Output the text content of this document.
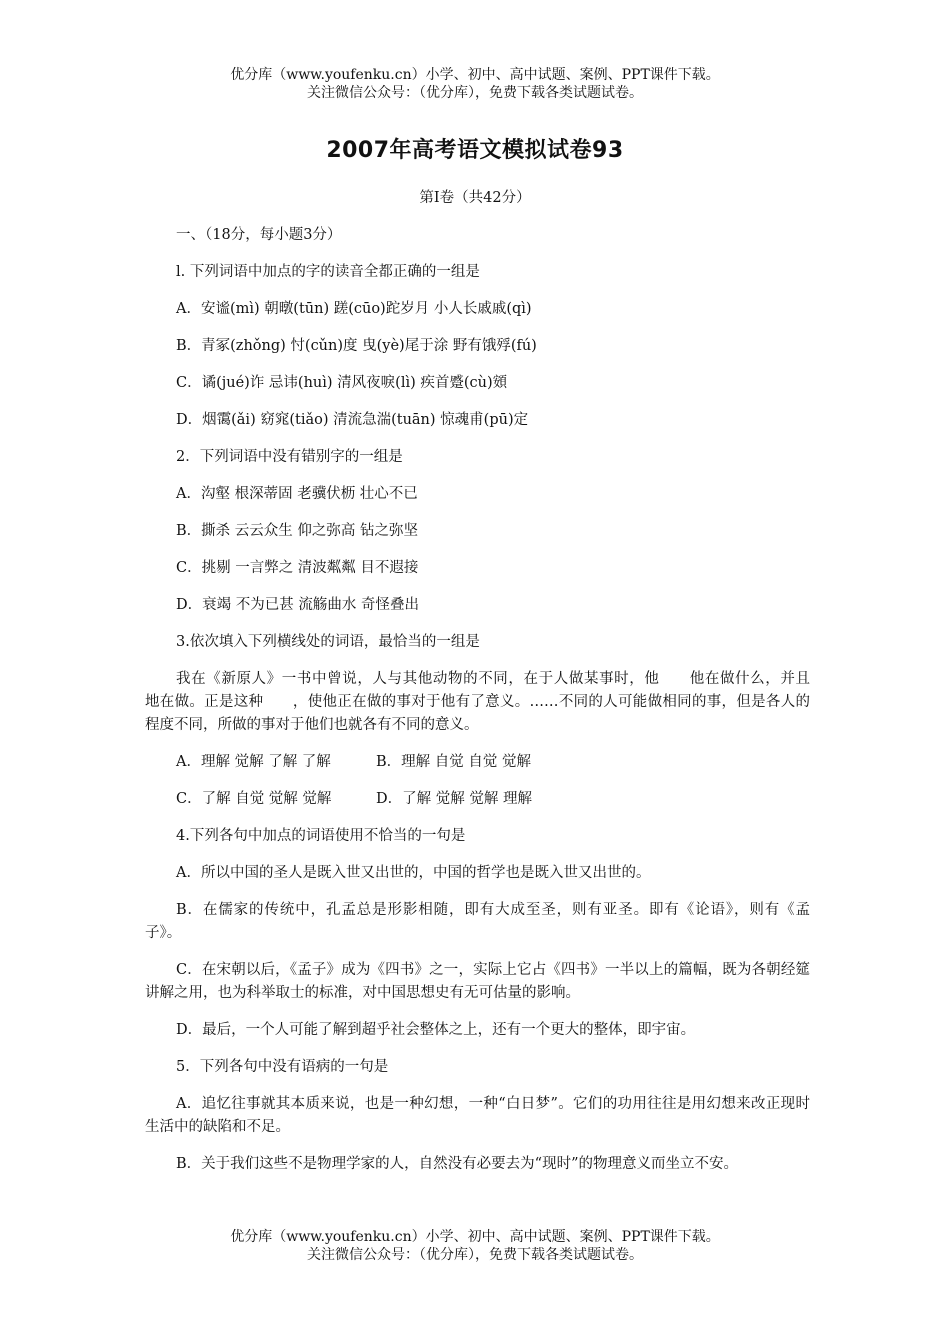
优分库（www.youfenku.cn）小学、初中、高中试题、案例、PPT课件下载。
关注微信公众号：（优分库），免费下载各类试题试卷。
2007年高考语文模拟试卷93
第I卷（共42分）

一、（18分，每小题3分）

l. 下列词语中加点的字的读音全都正确的一组是

A．安谧(mì) 朝暾(tūn) 蹉(cūo)跎岁月 小人长戚戚(qì)

B．青冢(zhǒng) 忖(cǔn)度 曳(yè)尾于涂 野有饿殍(fú)

C．谲(jué)诈 忌讳(huì) 清风夜唳(lì) 疾首蹙(cù)頞

D．烟霭(ǎi) 窈窕(tiǎo) 清流急湍(tuān) 惊魂甫(pū)定

2．下列词语中没有错别字的一组是

A．沟壑 根深蒂固 老骥伏枥 壮心不已

B．撕杀 云云众生 仰之弥高 钻之弥坚

C．挑剔 一言弊之 清波粼粼 目不遐接

D．衰竭 不为已甚 流觞曲水 奇怪叠出

3.依次填入下列横线处的词语，最恰当的一组是

我在《新原人》一书中曾说，人与其他动物的不同，在于人做某事时，他　　他在做什么，并且　　地在做。正是这种　　，使他正在做的事对于他有了意义。……不同的人可能做相同的事，但是各人的　　程度不同，所做的事对于他们也就各有不同的意义。

A．理解 觉解 了解 了解	B．理解 自觉 自觉 觉解
C．了解 自觉 觉解 觉解	D．了解 觉解 觉解 理解

4.下列各句中加点的词语使用不恰当的一句是

A．所以中国的圣人是既入世又出世的，中国的哲学也是既入世又出世的。

B．在儒家的传统中，孔孟总是形影相随，即有大成至圣，则有亚圣。即有《论语》，则有《孟子》。

C．在宋朝以后，《孟子》成为《四书》之一，实际上它占《四书》一半以上的篇幅，既为各朝经筵讲解之用，也为科举取士的标准，对中国思想史有无可估量的影响。

D．最后，一个人可能了解到超乎社会整体之上，还有一个更大的整体，即宇宙。

5．下列各句中没有语病的一句是

A．追忆往事就其本质来说，也是一种幻想，一种“白日梦”。它们的功用往往是用幻想来改正现时生活中的缺陷和不足。

B．关于我们这些不是物理学家的人，自然没有必要去为“现时”的物理意义而坐立不安。

优分库（www.youfenku.cn）小学、初中、高中试题、案例、PPT课件下载。
关注微信公众号：（优分库），免费下载各类试题试卷。
